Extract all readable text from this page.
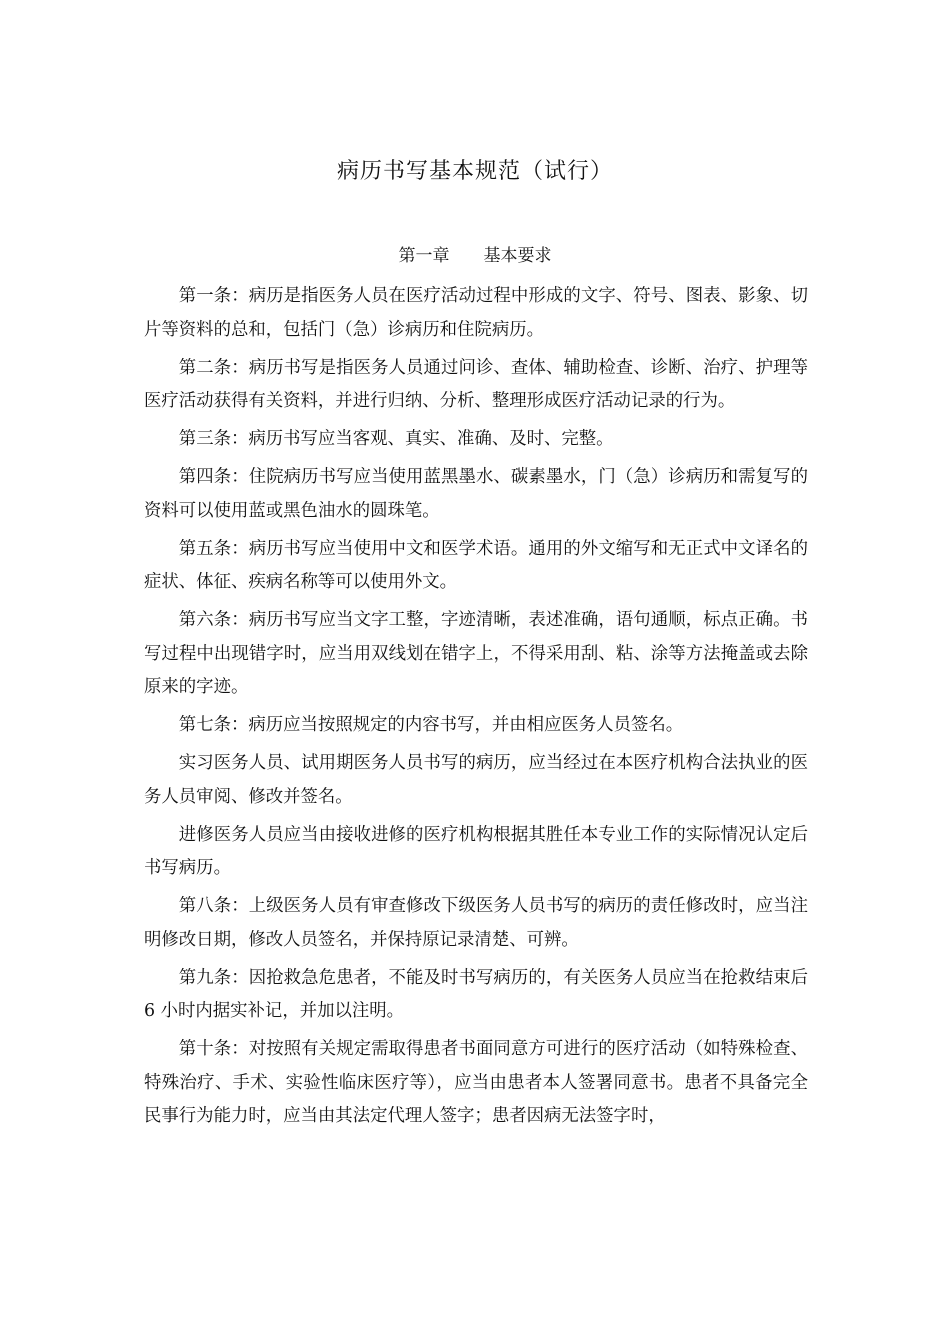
病历书写基本规范（试行）
第一章 基本要求

第一条：病历是指医务人员在医疗活动过程中形成的文字、符号、图表、影象、切片等资料的总和，包括门（急）诊病历和住院病历。

第二条：病历书写是指医务人员通过问诊、查体、辅助检查、诊断、治疗、护理等医疗活动获得有关资料，并进行归纳、分析、整理形成医疗活动记录的行为。

第三条：病历书写应当客观、真实、准确、及时、完整。

第四条：住院病历书写应当使用蓝黑墨水、碳素墨水，门（急）诊病历和需复写的资料可以使用蓝或黑色油水的圆珠笔。

第五条：病历书写应当使用中文和医学术语。通用的外文缩写和无正式中文译名的症状、体征、疾病名称等可以使用外文。

第六条：病历书写应当文字工整，字迹清晰，表述准确，语句通顺，标点正确。书写过程中出现错字时，应当用双线划在错字上，不得采用刮、粘、涂等方法掩盖或去除原来的字迹。

第七条：病历应当按照规定的内容书写，并由相应医务人员签名。

实习医务人员、试用期医务人员书写的病历，应当经过在本医疗机构合法执业的医务人员审阅、修改并签名。

进修医务人员应当由接收进修的医疗机构根据其胜任本专业工作的实际情况认定后书写病历。

第八条：上级医务人员有审查修改下级医务人员书写的病历的责任修改时，应当注明修改日期，修改人员签名，并保持原记录清楚、可辨。

第九条：因抢救急危患者，不能及时书写病历的，有关医务人员应当在抢救结束后 6 小时内据实补记，并加以注明。

第十条：对按照有关规定需取得患者书面同意方可进行的医疗活动（如特殊检查、特殊治疗、手术、实验性临床医疗等），应当由患者本人签署同意书。患者不具备完全民事行为能力时，应当由其法定代理人签字；患者因病无法签字时，
